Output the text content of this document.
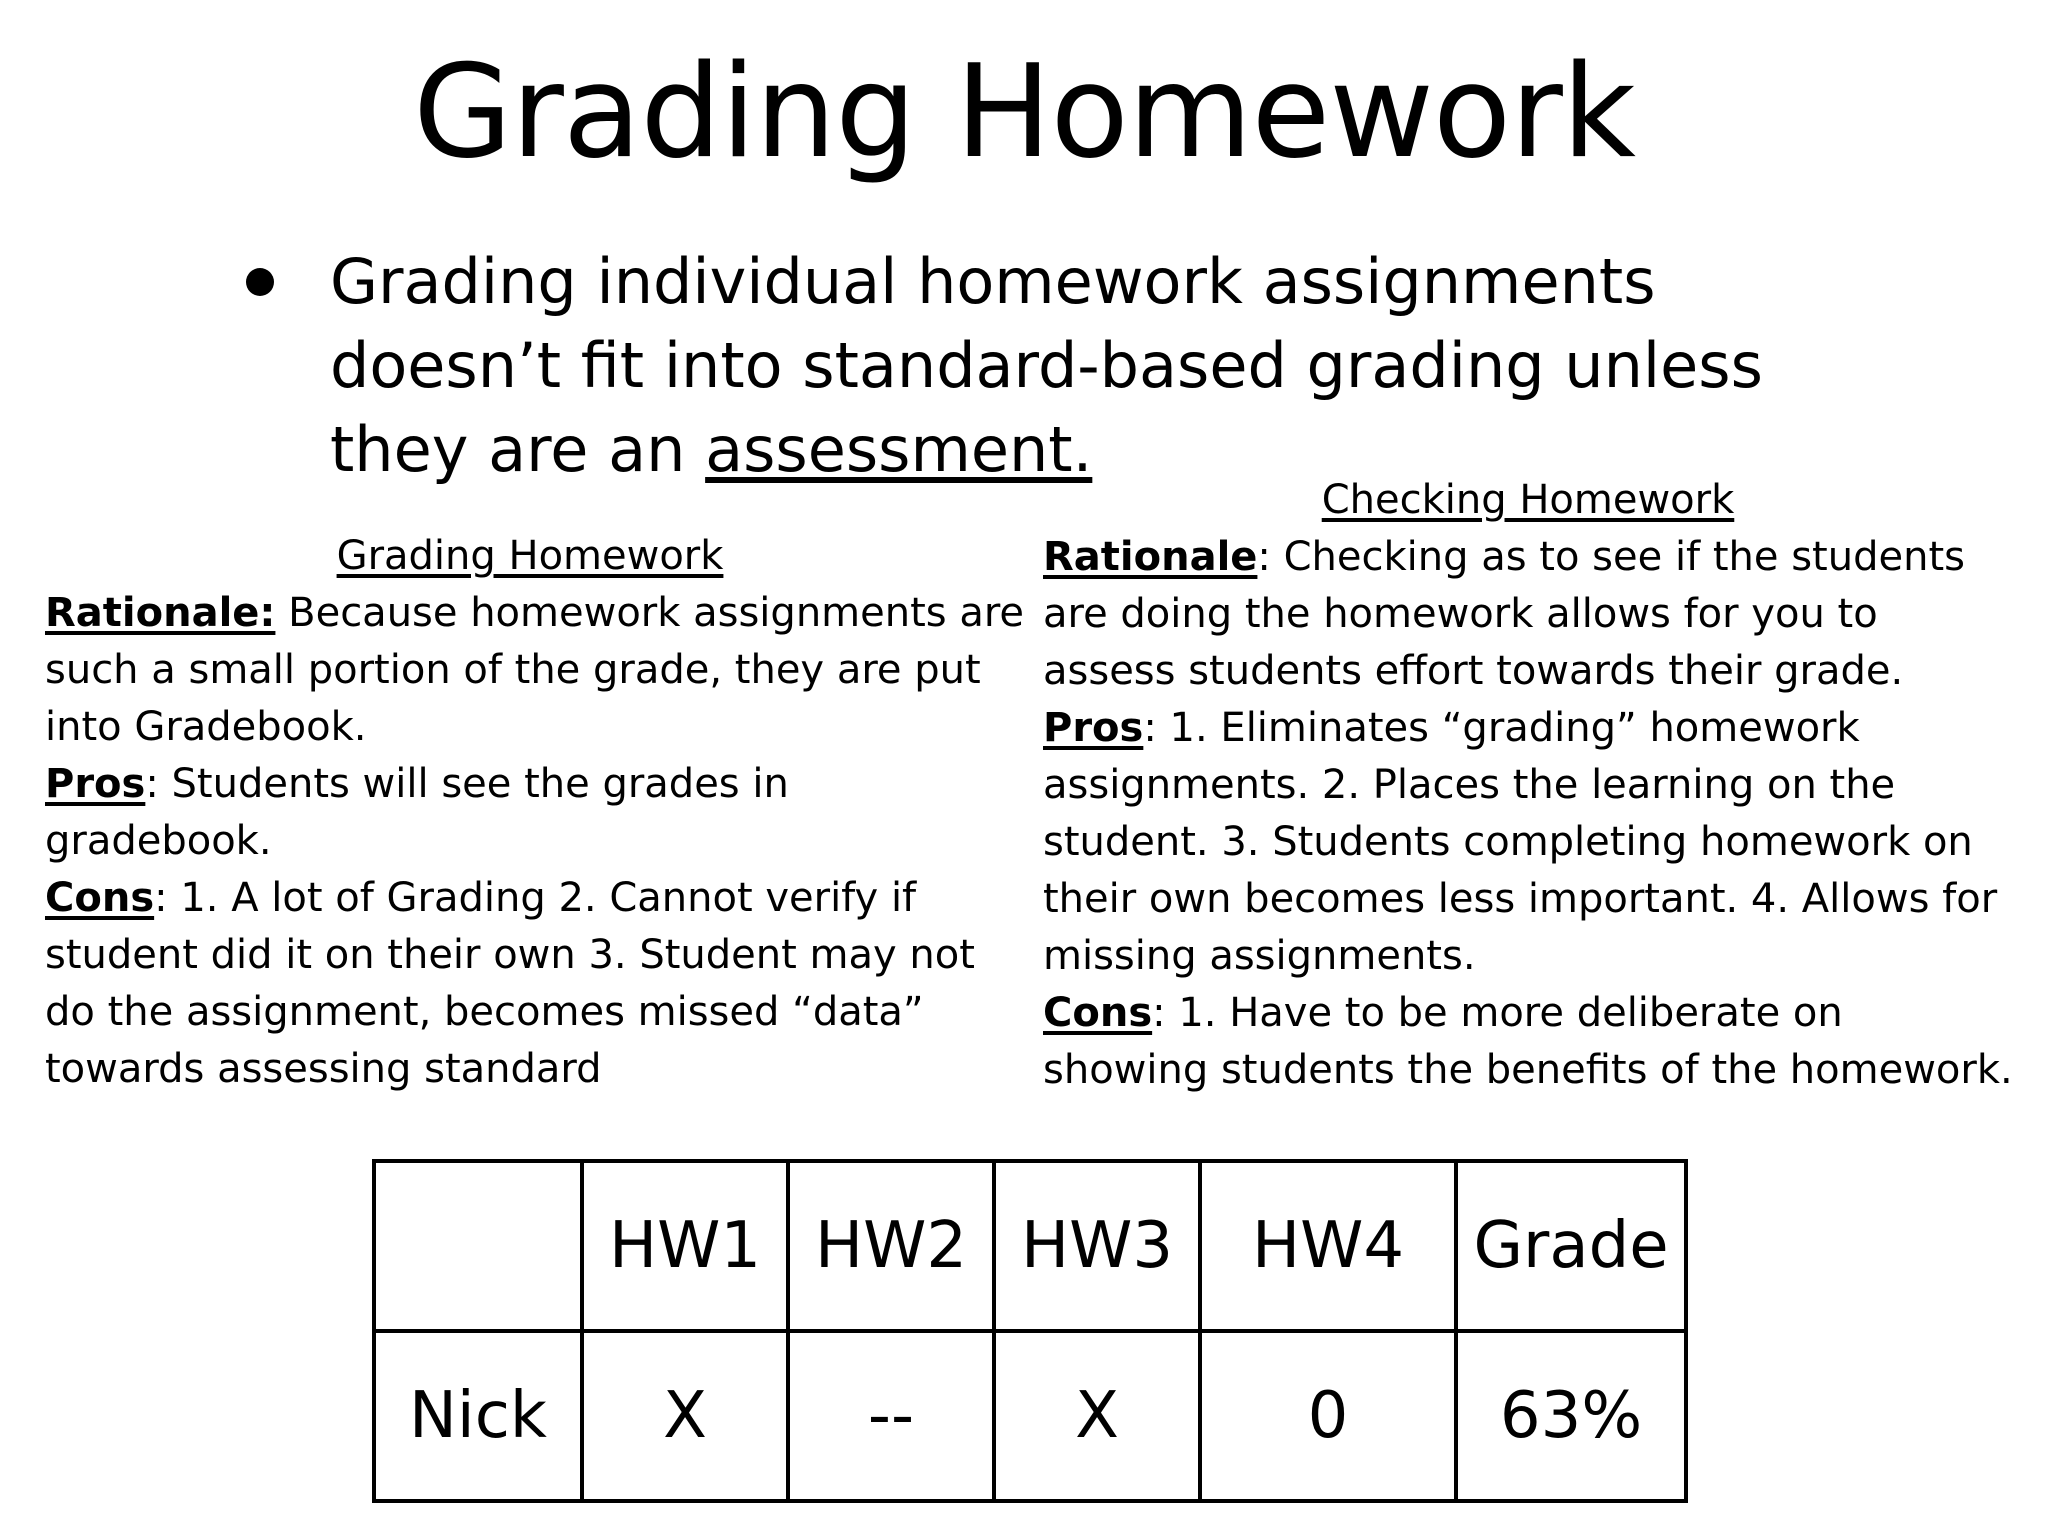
Grading Homework

Grading individual homework assignments doesn’t fit into standard-based grading unless they are an assessment.

Grading Homework

Rationale: Because homework assignments are such a small portion of the grade, they are put into Gradebook.

Pros: Students will see the grades in gradebook.

Cons: 1. A lot of Grading 2. Cannot verify if student did it on their own 3. Student may not do the assignment, becomes missed “data” towards assessing standard

Checking Homework

Rationale: Checking as to see if the students are doing the homework allows for you to assess students effort towards their grade.

Pros: 1. Eliminates “grading” homework assignments. 2. Places the learning on the student. 3. Students completing homework on their own becomes less important. 4. Allows for missing assignments.

Cons: 1. Have to be more deliberate on showing students the benefits of the homework.

	HW1	HW2	HW3	HW4	Grade
Nick	X	--	X	0	63%
